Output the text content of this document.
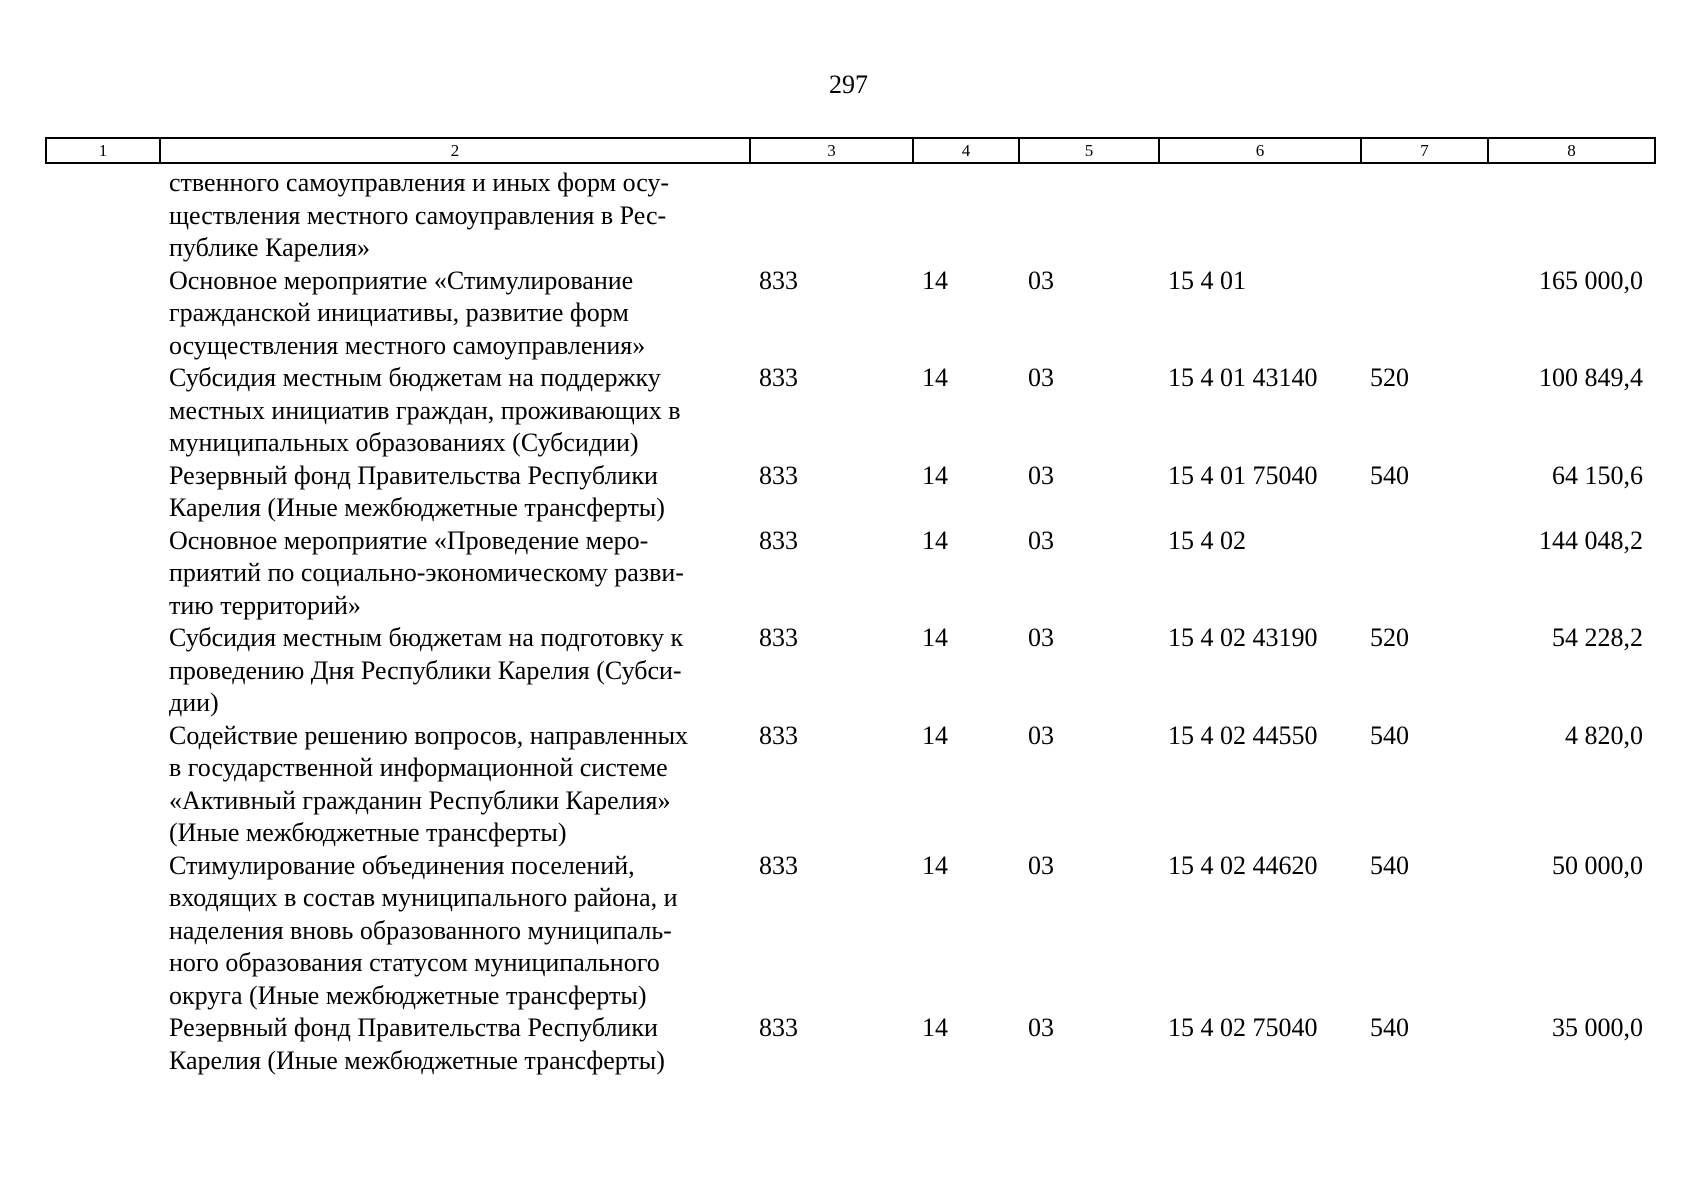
297
1	2	3	4	5	6	7	8
ственного самоуправления и иных форм осу-
ществления местного самоуправления в Рес-
публике Карелия»						

Основное мероприятие «Стимулирование
гражданской инициативы, развитие форм
осуществления местного самоуправления»	833	14	03	15 4 01		165 000,0

Субсидия местным бюджетам на поддержку
местных инициатив граждан, проживающих в
муниципальных образованиях (Субсидии)	833	14	03	15 4 01 43140	520	100 849,4

Резервный фонд Правительства Республики
Карелия (Иные межбюджетные трансферты)	833	14	03	15 4 01 75040	540	64 150,6

Основное мероприятие «Проведение меро-
приятий по социально-экономическому разви-
тию территорий»	833	14	03	15 4 02		144 048,2

Субсидия местным бюджетам на подготовку к
проведению Дня Республики Карелия (Субси-
дии)	833	14	03	15 4 02 43190	520	54 228,2

Содействие решению вопросов, направленных
в государственной информационной системе
«Активный гражданин Республики Карелия»
(Иные межбюджетные трансферты)	833	14	03	15 4 02 44550	540	4 820,0

Стимулирование объединения поселений,
входящих в состав муниципального района, и
наделения вновь образованного муниципаль-
ного образования статусом муниципального
округа (Иные межбюджетные трансферты)	833	14	03	15 4 02 44620	540	50 000,0

Резервный фонд Правительства Республики
Карелия (Иные межбюджетные трансферты)	833	14	03	15 4 02 75040	540	35 000,0
